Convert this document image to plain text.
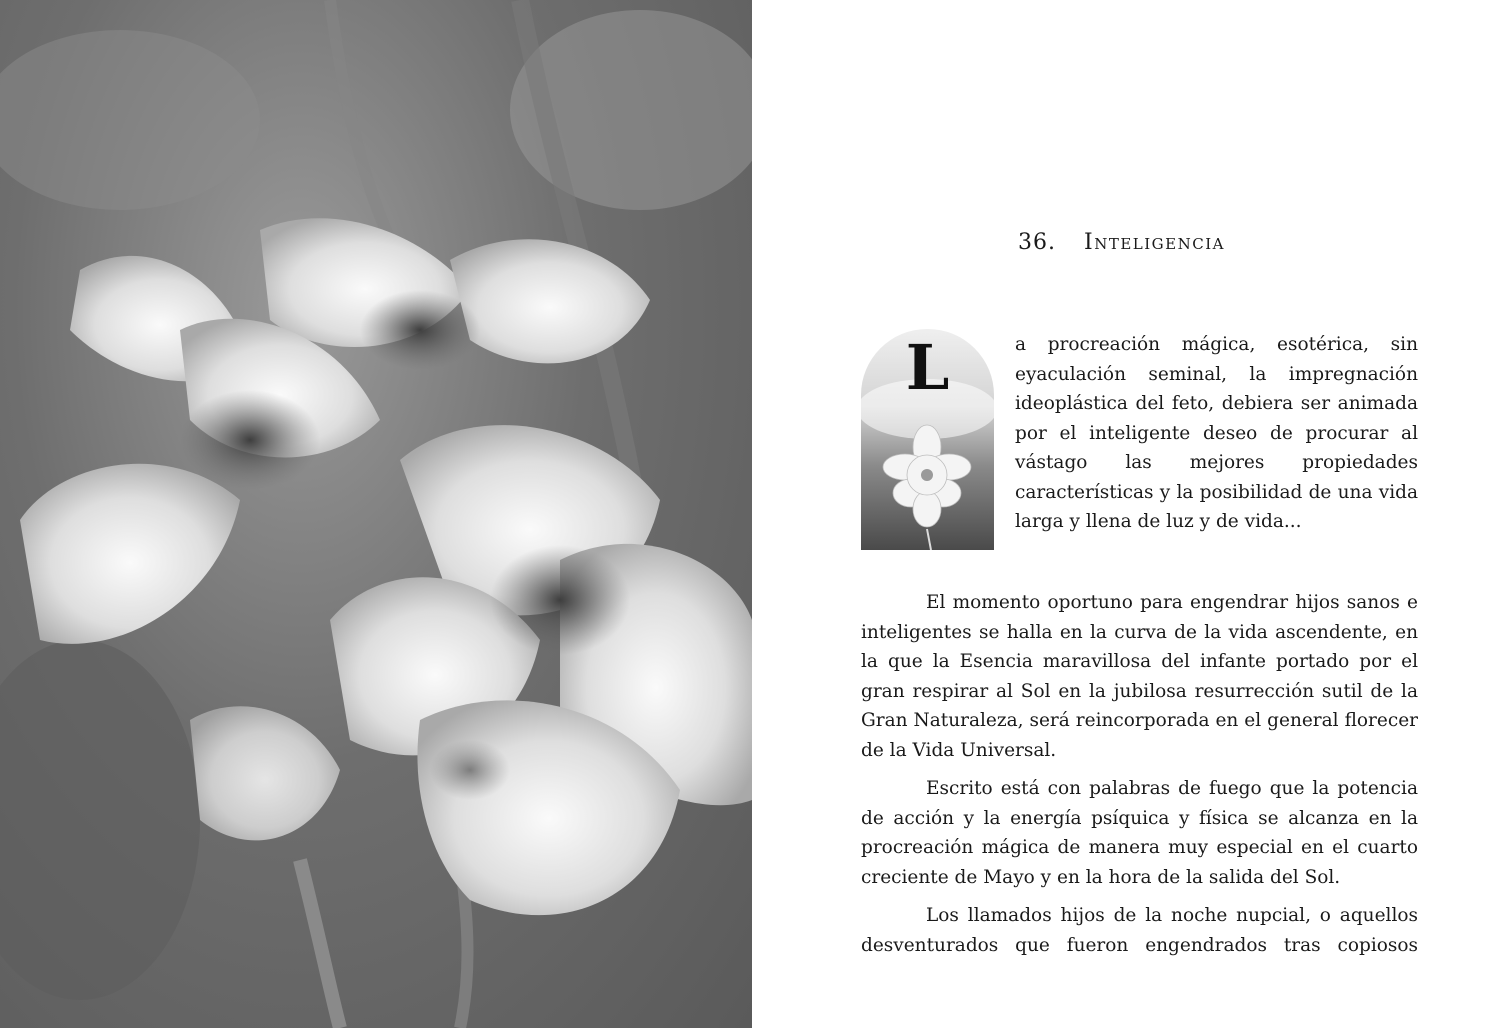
36. Inteligencia
L	a procreación mágica, esotérica, sin eyaculación seminal, la impregnación ideoplástica del feto, debiera ser animada por el inteligente deseo de procurar al vástago las mejores propiedades características y la posibilidad de una vida larga y llena de luz y de vida...

El momento oportuno para engendrar hijos sanos e inteligentes se halla en la curva de la vida ascendente, en la que la Esencia maravillosa del infante portado por el gran respirar al Sol en la jubilosa resurrección sutil de la Gran Naturaleza, será reincorporada en el general florecer de la Vida Universal.

Escrito está con palabras de fuego que la potencia de acción y la energía psíquica y física se alcanza en la procreación mágica de manera muy especial en el cuarto creciente de Mayo y en la hora de la salida del Sol.

Los llamados hijos de la noche nupcial, o aquellos desventurados que fueron engendrados tras copiosos
